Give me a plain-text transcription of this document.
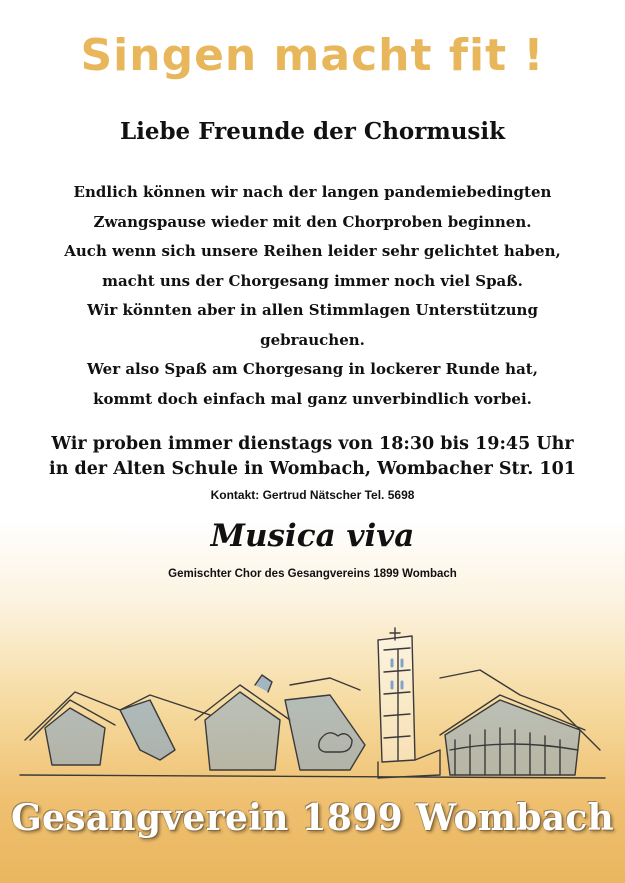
Singen macht fit !
Liebe Freunde der Chormusik
Endlich können wir nach der langen pandemiebedingten
Zwangspause wieder mit den Chorproben beginnen.
Auch wenn sich unsere Reihen leider sehr gelichtet haben,
macht uns der Chorgesang immer noch viel Spaß.
Wir könnten aber in allen Stimmlagen Unterstützung
gebrauchen.
Wer also Spaß am Chorgesang in lockerer Runde hat,
kommt doch einfach mal ganz unverbindlich vorbei.
Wir proben immer dienstags von 18:30 bis 19:45 Uhr
in der Alten Schule in Wombach, Wombacher Str. 101
Kontakt: Gertrud Nätscher Tel. 5698
Musica viva
Gemischter Chor des Gesangvereins 1899 Wombach
Gesangverein 1899 Wombach
